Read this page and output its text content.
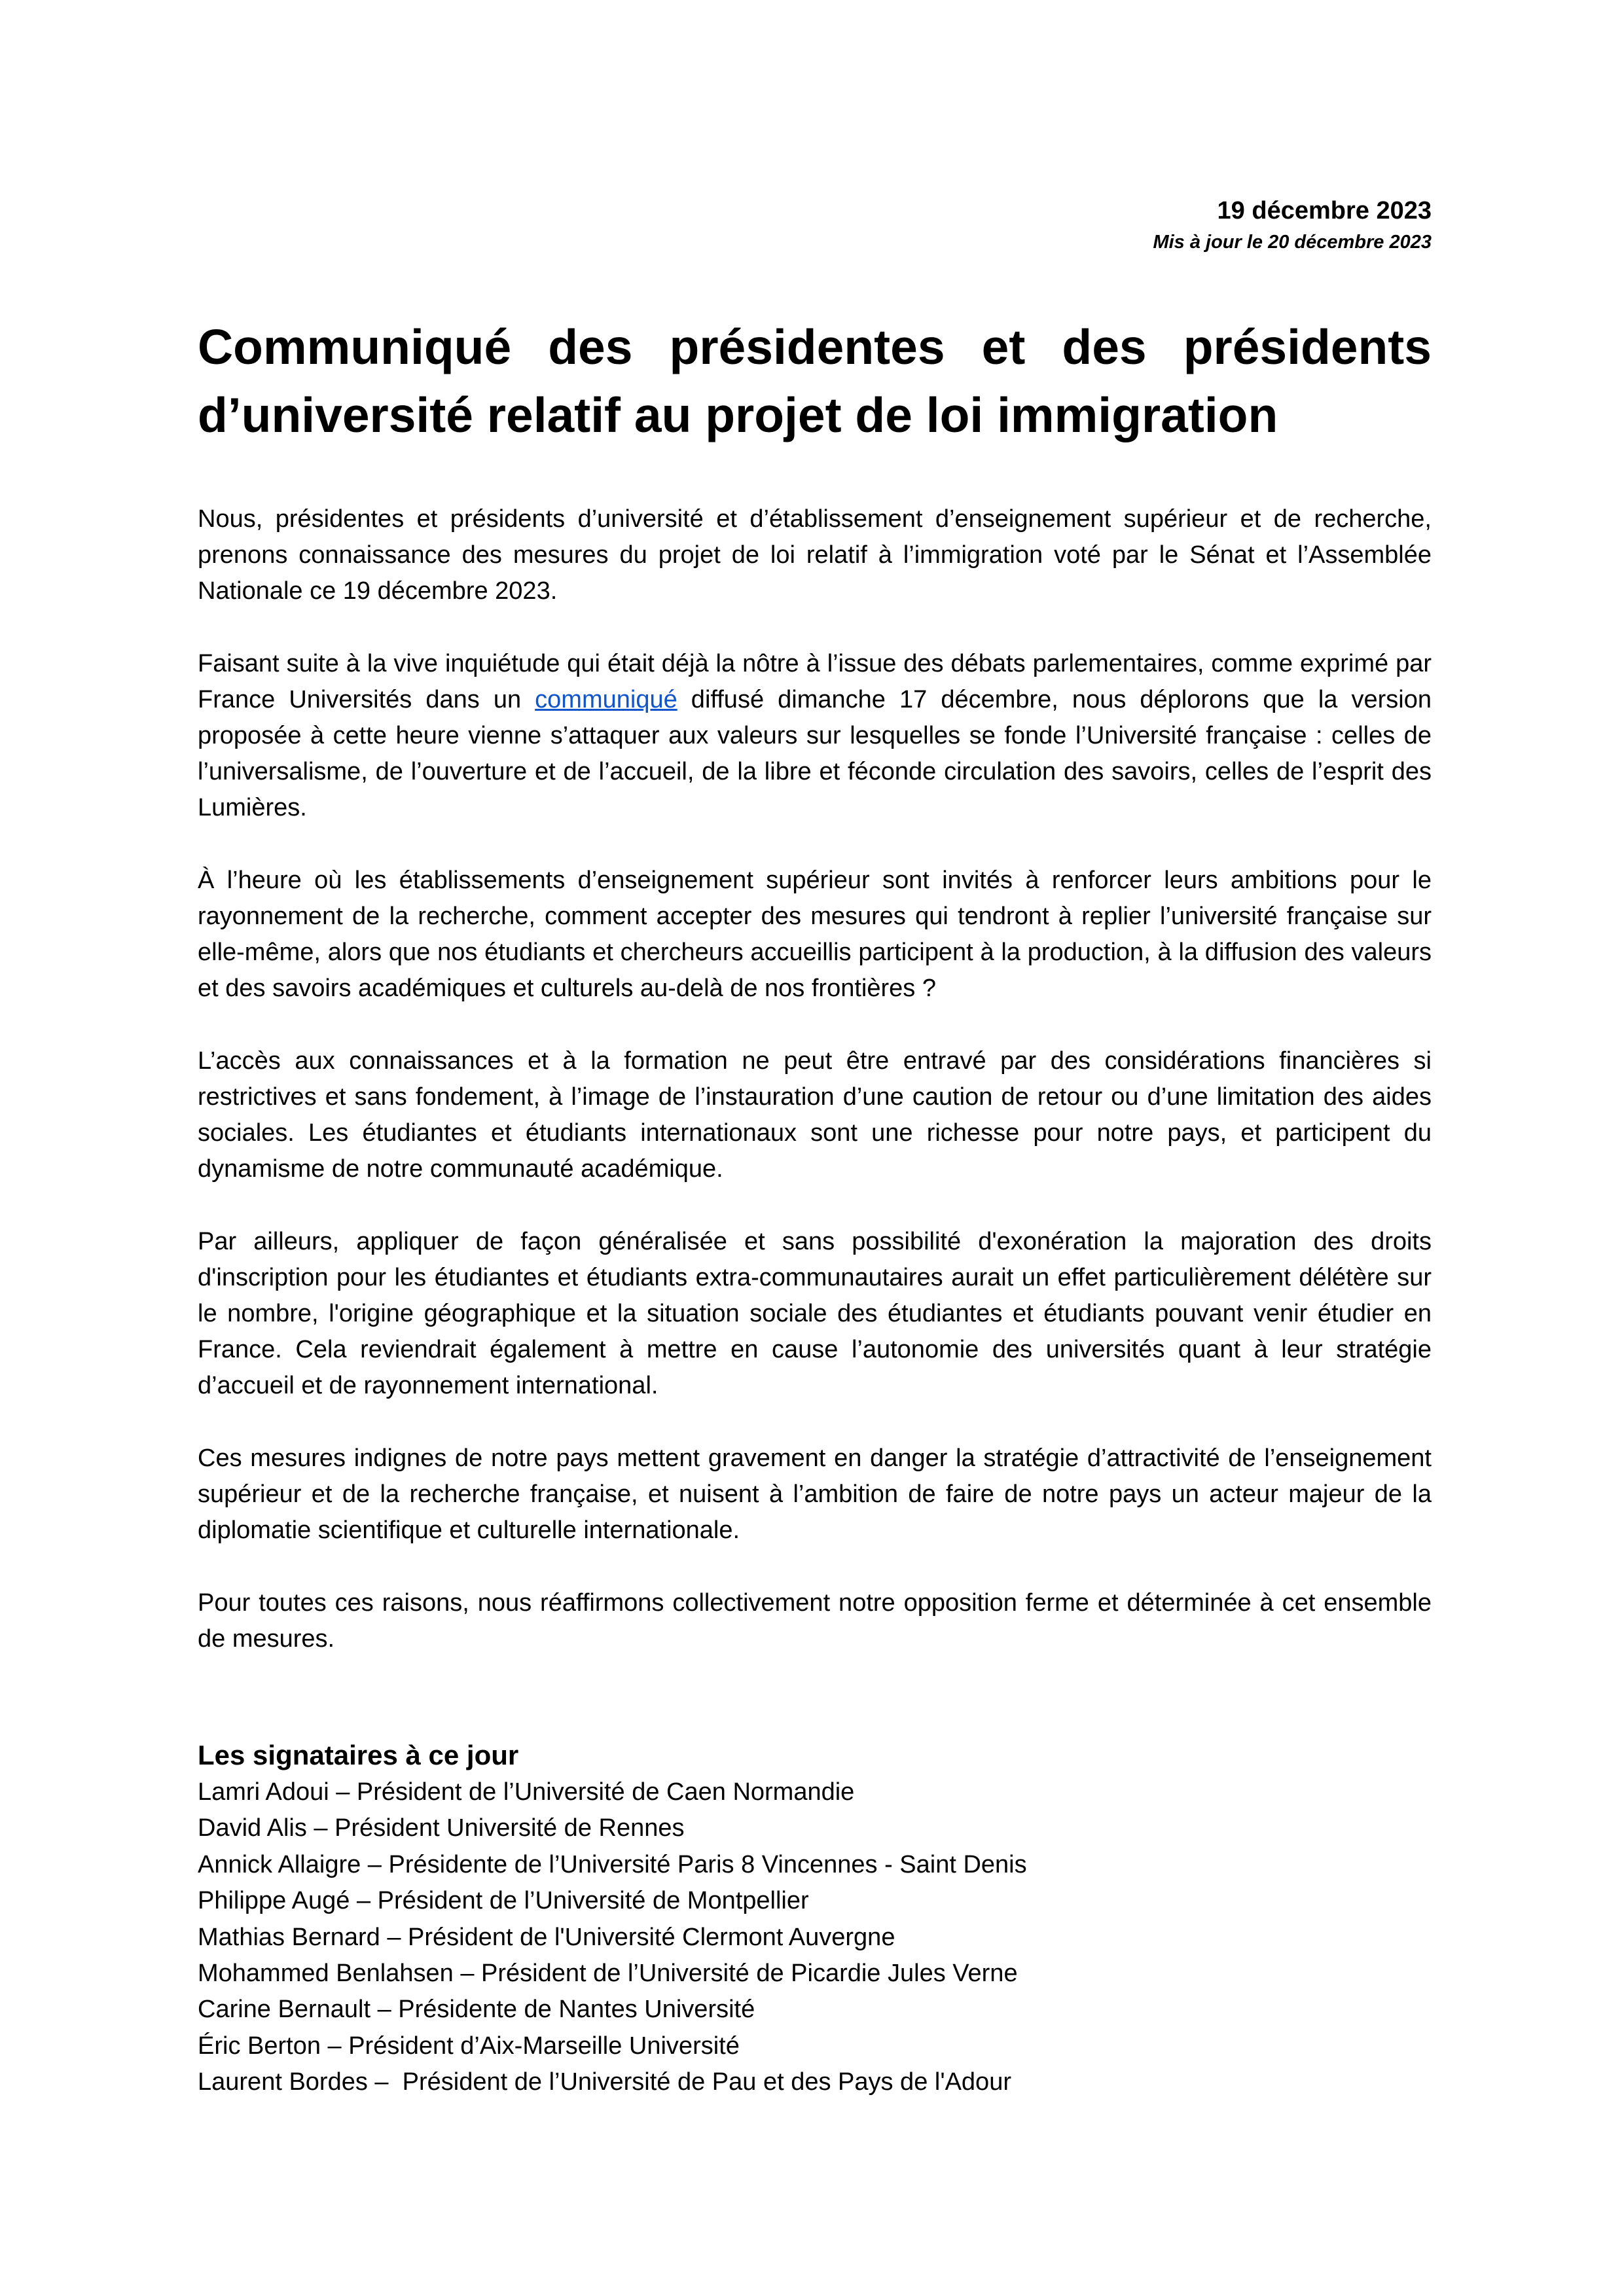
19 décembre 2023
Mis à jour le 20 décembre 2023
Communiqué des présidentes et des présidents d’université relatif au projet de loi immigration

Nous, présidentes et présidents d’université et d’établissement d’enseignement supérieur et de recherche, prenons connaissance des mesures du projet de loi relatif à l’immigration voté par le Sénat et l’Assemblée Nationale ce 19 décembre 2023.

Faisant suite à la vive inquiétude qui était déjà la nôtre à l’issue des débats parlementaires, comme exprimé par France Universités dans un communiqué diffusé dimanche 17 décembre, nous déplorons que la version proposée à cette heure vienne s’attaquer aux valeurs sur lesquelles se fonde l’Université française : celles de l’universalisme, de l’ouverture et de l’accueil, de la libre et féconde circulation des savoirs, celles de l’esprit des Lumières.

À l’heure où les établissements d’enseignement supérieur sont invités à renforcer leurs ambitions pour le rayonnement de la recherche, comment accepter des mesures qui tendront à replier l’université française sur elle-même, alors que nos étudiants et chercheurs accueillis participent à la production, à la diffusion des valeurs et des savoirs académiques et culturels au-delà de nos frontières ?

L’accès aux connaissances et à la formation ne peut être entravé par des considérations financières si restrictives et sans fondement, à l’image de l’instauration d’une caution de retour ou d’une limitation des aides sociales. Les étudiantes et étudiants internationaux sont une richesse pour notre pays, et participent du dynamisme de notre communauté académique.

Par ailleurs, appliquer de façon généralisée et sans possibilité d'exonération la majoration des droits d'inscription pour les étudiantes et étudiants extra-communautaires aurait un effet particulièrement délétère sur le nombre, l'origine géographique et la situation sociale des étudiantes et étudiants pouvant venir étudier en France. Cela reviendrait également à mettre en cause l’autonomie des universités quant à leur stratégie d’accueil et de rayonnement international.

Ces mesures indignes de notre pays mettent gravement en danger la stratégie d’attractivité de l’enseignement supérieur et de la recherche française, et nuisent à l’ambition de faire de notre pays un acteur majeur de la diplomatie scientifique et culturelle internationale.

Pour toutes ces raisons, nous réaffirmons collectivement notre opposition ferme et déterminée à cet ensemble de mesures.

Les signataires à ce jour
Lamri Adoui – Président de l’Université de Caen Normandie
David Alis – Président Université de Rennes
Annick Allaigre – Présidente de l’Université Paris 8 Vincennes - Saint Denis
Philippe Augé – Président de l’Université de Montpellier
Mathias Bernard – Président de l'Université Clermont Auvergne
Mohammed Benlahsen – Président de l’Université de Picardie Jules Verne
Carine Bernault – Présidente de Nantes Université
Éric Berton – Président d’Aix-Marseille Université
Laurent Bordes –  Président de l’Université de Pau et des Pays de l'Adour
